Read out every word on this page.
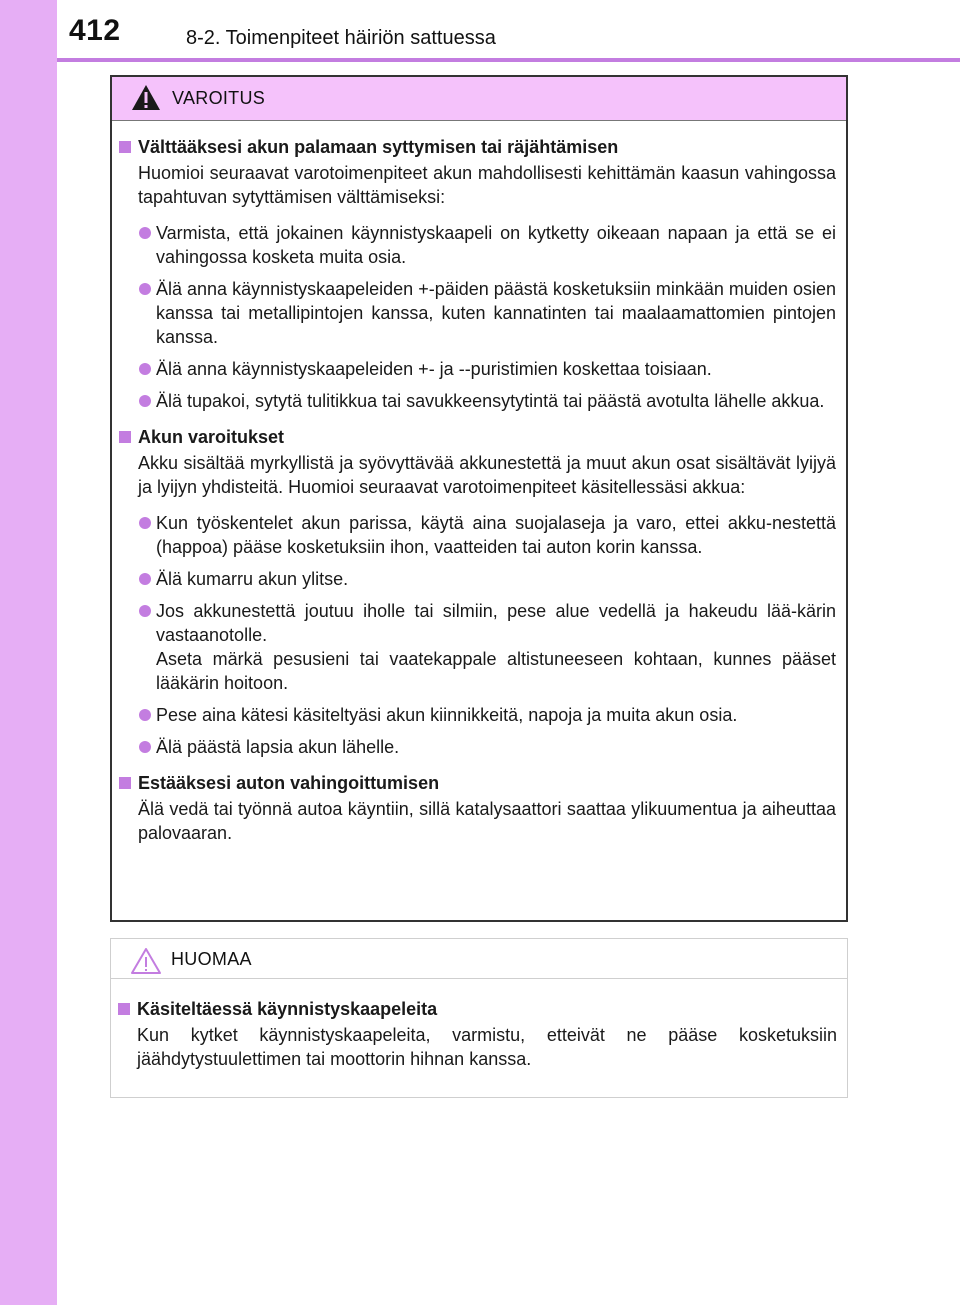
412	8-2. Toimenpiteet häiriön sattuessa
VAROITUS
Välttääksesi akun palamaan syttymisen tai räjähtämisen
Huomioi seuraavat varotoimenpiteet akun mahdollisesti kehittämän kaasun vahingossa tapahtuvan sytyttämisen välttämiseksi:
Varmista, että jokainen käynnistyskaapeli on kytketty oikeaan napaan ja että se ei vahingossa kosketa muita osia.
Älä anna käynnistyskaapeleiden +-päiden päästä kosketuksiin minkään muiden osien kanssa tai metallipintojen kanssa, kuten kannatinten tai maalaamattomien pintojen kanssa.
Älä anna käynnistyskaapeleiden +- ja --puristimien koskettaa toisiaan.
Älä tupakoi, sytytä tulitikkua tai savukkeensytytintä tai päästä avotulta lähelle akkua.
Akun varoitukset
Akku sisältää myrkyllistä ja syövyttävää akkunestettä ja muut akun osat sisältävät lyijyä ja lyijyn yhdisteitä. Huomioi seuraavat varotoimenpiteet käsitellessäsi akkua:
Kun työskentelet akun parissa, käytä aina suojalaseja ja varo, ettei akku-nestettä (happoa) pääse kosketuksiin ihon, vaatteiden tai auton korin kanssa.
Älä kumarru akun ylitse.
Jos akkunestettä joutuu iholle tai silmiin, pese alue vedellä ja hakeudu lää-kärin vastaanotolle.
Aseta märkä pesusieni tai vaatekappale altistuneeseen kohtaan, kunnes pääset lääkärin hoitoon.
Pese aina kätesi käsiteltyäsi akun kiinnikkeitä, napoja ja muita akun osia.
Älä päästä lapsia akun lähelle.
Estääksesi auton vahingoittumisen
Älä vedä tai työnnä autoa käyntiin, sillä katalysaattori saattaa ylikuumentua ja aiheuttaa palovaaran.
HUOMAA
Käsiteltäessä käynnistyskaapeleita
Kun kytket käynnistyskaapeleita, varmistu, etteivät ne pääse kosketuksiin jäähdytystuulettimen tai moottorin hihnan kanssa.
